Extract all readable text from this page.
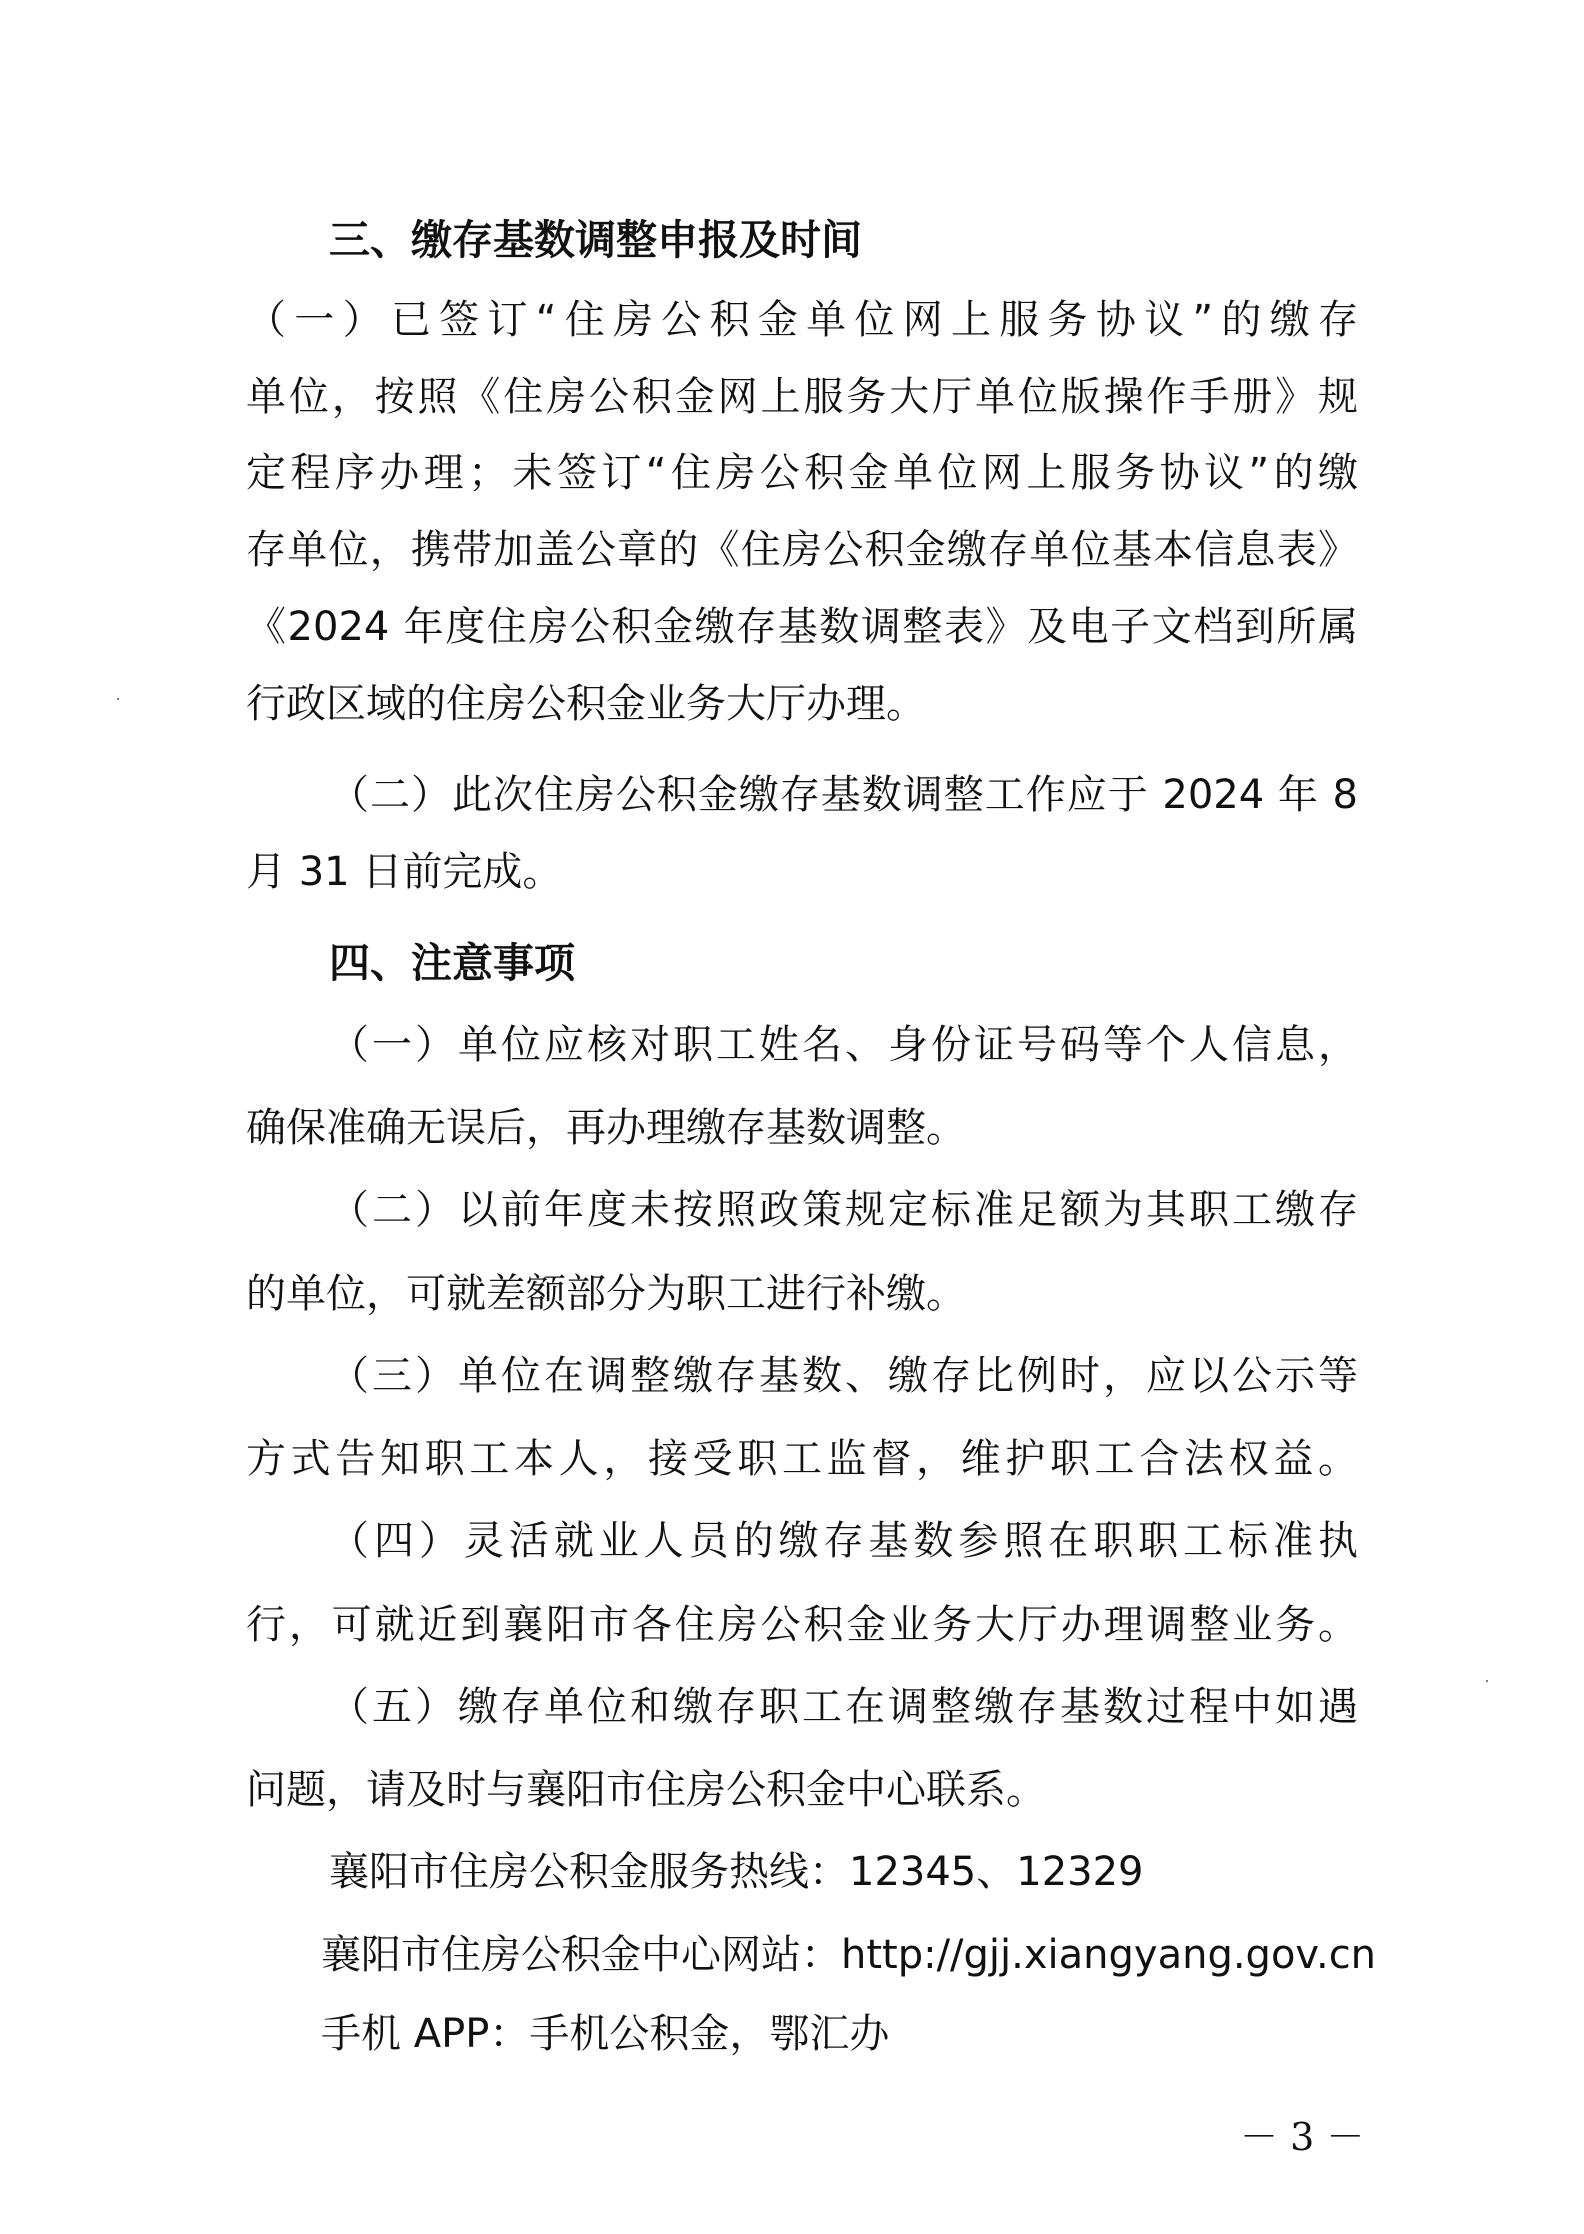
三、缴存基数调整申报及时间
（一）已签订“住房公积金单位网上服务协议”的缴存
单位，按照《住房公积金网上服务大厅单位版操作手册》规
定程序办理；未签订“住房公积金单位网上服务协议”的缴
存单位，携带加盖公章的《住房公积金缴存单位基本信息表》
《2024 年度住房公积金缴存基数调整表》及电子文档到所属
行政区域的住房公积金业务大厅办理。
（二）此次住房公积金缴存基数调整工作应于 2024 年 8
月 31 日前完成。
四、注意事项
（一）单位应核对职工姓名、身份证号码等个人信息，
确保准确无误后，再办理缴存基数调整。
（二）以前年度未按照政策规定标准足额为其职工缴存
的单位，可就差额部分为职工进行补缴。
（三）单位在调整缴存基数、缴存比例时，应以公示等
方式告知职工本人，接受职工监督，维护职工合法权益。
（四）灵活就业人员的缴存基数参照在职职工标准执
行，可就近到襄阳市各住房公积金业务大厅办理调整业务。
（五）缴存单位和缴存职工在调整缴存基数过程中如遇
问题，请及时与襄阳市住房公积金中心联系。
襄阳市住房公积金服务热线：12345、12329
襄阳市住房公积金中心网站：http://gjj.xiangyang.gov.cn
手机 APP：手机公积金，鄂汇办
－ 3 －
